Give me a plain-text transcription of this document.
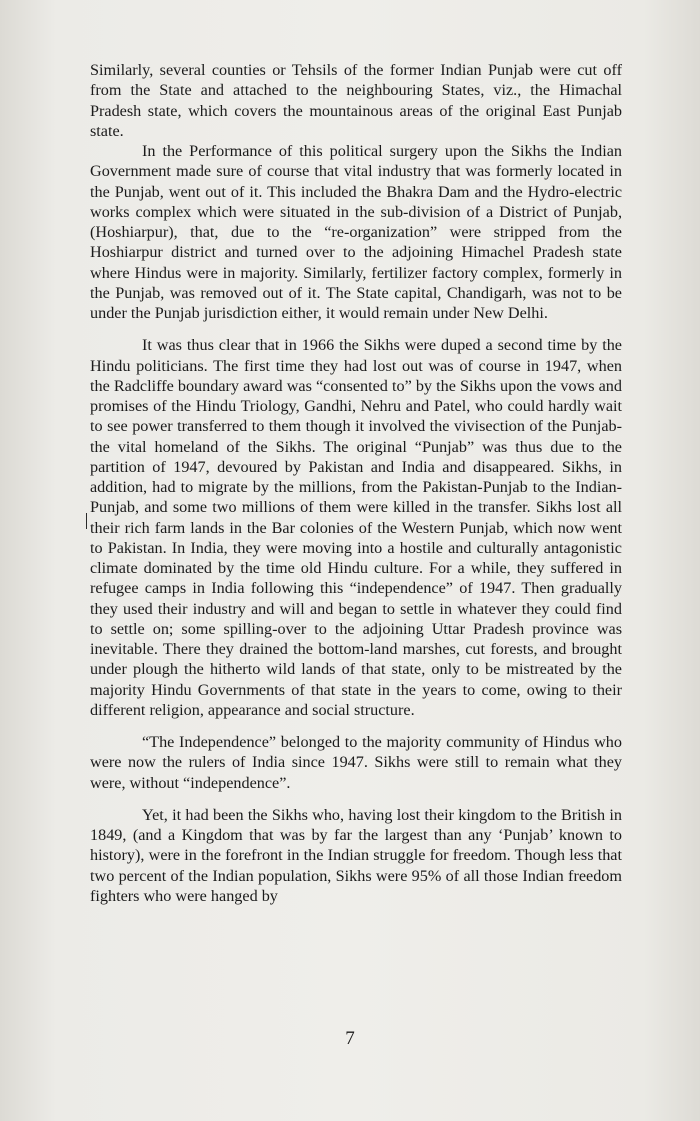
Similarly, several counties or Tehsils of the former Indian Punjab were cut off from the State and attached to the neighbouring States, viz., the Himachal Pradesh state, which covers the mountainous areas of the original East Punjab state.

In the Performance of this political surgery upon the Sikhs the Indian Government made sure of course that vital industry that was formerly located in the Punjab, went out of it. This included the Bhakra Dam and the Hydro-electric works complex which were situated in the sub-division of a District of Punjab, (Hoshiarpur), that, due to the “re-organization” were stripped from the Hoshiarpur district and turned over to the adjoining Himachel Pradesh state where Hindus were in majority. Similarly, fertilizer factory complex, formerly in the Punjab, was removed out of it. The State capital, Chandigarh, was not to be under the Punjab jurisdiction either, it would remain under New Delhi.

It was thus clear that in 1966 the Sikhs were duped a second time by the Hindu politicians. The first time they had lost out was of course in 1947, when the Radcliffe boundary award was “consented to” by the Sikhs upon the vows and promises of the Hindu Triology, Gandhi, Nehru and Patel, who could hardly wait to see power transferred to them though it involved the vivisection of the Punjab-the vital homeland of the Sikhs. The original “Punjab” was thus due to the partition of 1947, devoured by Pakistan and India and disappeared. Sikhs, in addition, had to migrate by the millions, from the Pakistan-Punjab to the Indian-Punjab, and some two millions of them were killed in the transfer. Sikhs lost all their rich farm lands in the Bar colonies of the Western Punjab, which now went to Pakistan. In India, they were moving into a hostile and culturally antagonistic climate dominated by the time old Hindu culture. For a while, they suffered in refugee camps in India following this “independence” of 1947. Then gradually they used their industry and will and began to settle in whatever they could find to settle on; some spilling-over to the adjoining Uttar Pradesh province was inevitable. There they drained the bottom-land marshes, cut forests, and brought under plough the hitherto wild lands of that state, only to be mistreated by the majority Hindu Governments of that state in the years to come, owing to their different religion, appearance and social structure.

“The Independence” belonged to the majority community of Hindus who were now the rulers of India since 1947. Sikhs were still to remain what they were, without “independence”.

Yet, it had been the Sikhs who, having lost their kingdom to the British in 1849, (and a Kingdom that was by far the largest than any ‘Punjab’ known to history), were in the forefront in the Indian struggle for freedom. Though less that two percent of the Indian population, Sikhs were 95% of all those Indian freedom fighters who were hanged by

7
